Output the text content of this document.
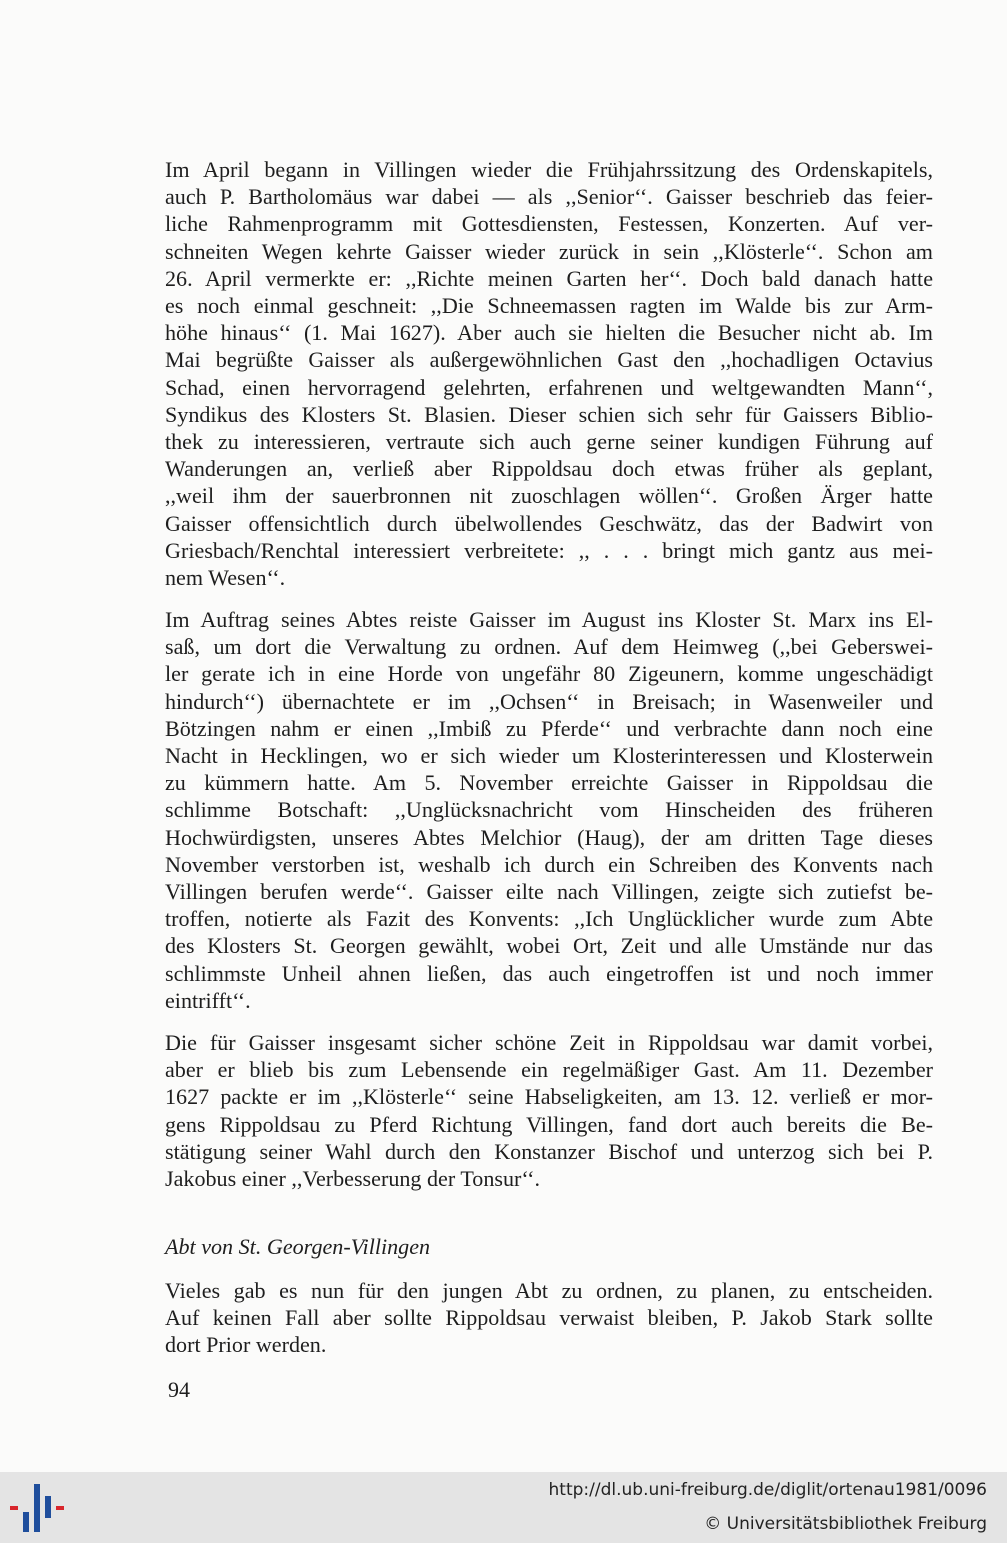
Im April begann in Villingen wieder die Frühjahrssitzung des Ordenskapitels,
auch P. Bartholomäus war dabei — als ,,Senior‘‘. Gaisser beschrieb das feier-
liche Rahmenprogramm mit Gottesdiensten, Festessen, Konzerten. Auf ver-
schneiten Wegen kehrte Gaisser wieder zurück in sein ,,Klösterle‘‘. Schon am
26. April vermerkte er: ,,Richte meinen Garten her‘‘. Doch bald danach hatte
es noch einmal geschneit: ,,Die Schneemassen ragten im Walde bis zur Arm-
höhe hinaus‘‘ (1. Mai 1627). Aber auch sie hielten die Besucher nicht ab. Im
Mai begrüßte Gaisser als außergewöhnlichen Gast den ,,hochadligen Octavius
Schad, einen hervorragend gelehrten, erfahrenen und weltgewandten Mann‘‘,
Syndikus des Klosters St. Blasien. Dieser schien sich sehr für Gaissers Biblio-
thek zu interessieren, vertraute sich auch gerne seiner kundigen Führung auf
Wanderungen an, verließ aber Rippoldsau doch etwas früher als geplant,
,,weil ihm der sauerbronnen nit zuoschlagen wöllen‘‘. Großen Ärger hatte
Gaisser offensichtlich durch übelwollendes Geschwätz, das der Badwirt von
Griesbach/Renchtal interessiert verbreitete: ,, . . . bringt mich gantz aus mei-
nem Wesen‘‘.
Im Auftrag seines Abtes reiste Gaisser im August ins Kloster St. Marx ins El-
saß, um dort die Verwaltung zu ordnen. Auf dem Heimweg (,,bei Geberswei-
ler gerate ich in eine Horde von ungefähr 80 Zigeunern, komme ungeschädigt
hindurch‘‘) übernachtete er im ,,Ochsen‘‘ in Breisach; in Wasenweiler und
Bötzingen nahm er einen ,,Imbiß zu Pferde‘‘ und verbrachte dann noch eine
Nacht in Hecklingen, wo er sich wieder um Klosterinteressen und Klosterwein
zu kümmern hatte. Am 5. November erreichte Gaisser in Rippoldsau die
schlimme Botschaft: ,,Unglücksnachricht vom Hinscheiden des früheren
Hochwürdigsten, unseres Abtes Melchior (Haug), der am dritten Tage dieses
November verstorben ist, weshalb ich durch ein Schreiben des Konvents nach
Villingen berufen werde‘‘. Gaisser eilte nach Villingen, zeigte sich zutiefst be-
troffen, notierte als Fazit des Konvents: ,,Ich Unglücklicher wurde zum Abte
des Klosters St. Georgen gewählt, wobei Ort, Zeit und alle Umstände nur das
schlimmste Unheil ahnen ließen, das auch eingetroffen ist und noch immer
eintrifft‘‘.
Die für Gaisser insgesamt sicher schöne Zeit in Rippoldsau war damit vorbei,
aber er blieb bis zum Lebensende ein regelmäßiger Gast. Am 11. Dezember
1627 packte er im ,,Klösterle‘‘ seine Habseligkeiten, am 13. 12. verließ er mor-
gens Rippoldsau zu Pferd Richtung Villingen, fand dort auch bereits die Be-
stätigung seiner Wahl durch den Konstanzer Bischof und unterzog sich bei P.
Jakobus einer ,,Verbesserung der Tonsur‘‘.
Abt von St. Georgen-Villingen
Vieles gab es nun für den jungen Abt zu ordnen, zu planen, zu entscheiden.
Auf keinen Fall aber sollte Rippoldsau verwaist bleiben, P. Jakob Stark sollte
dort Prior werden.
94
http://dl.ub.uni-freiburg.de/diglit/ortenau1981/0096
© Universitätsbibliothek Freiburg
